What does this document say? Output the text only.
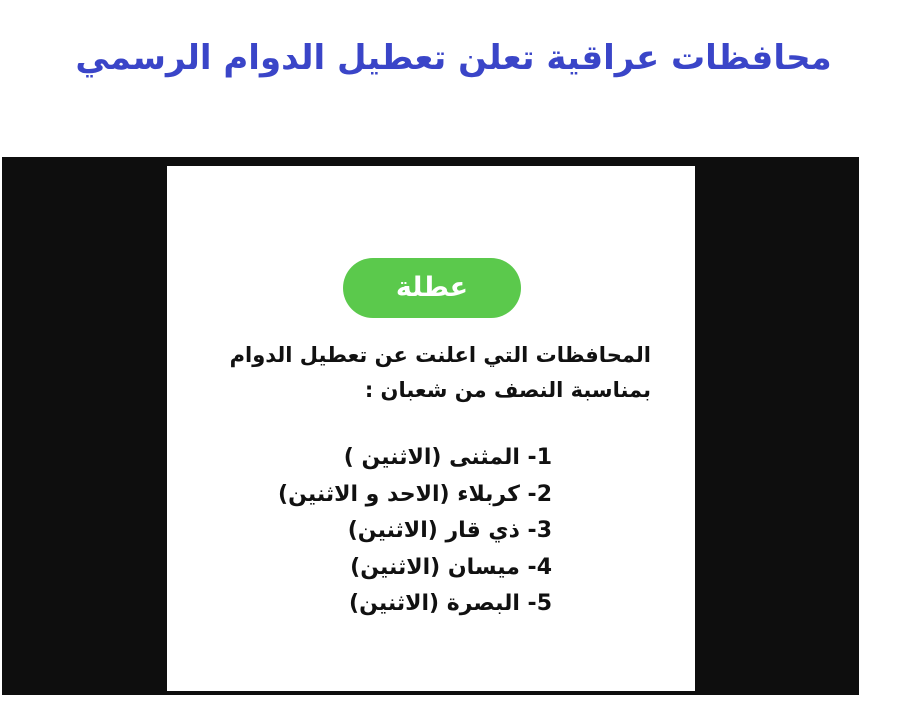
محافظات عراقية تعلن تعطيل الدوام الرسمي
عطلة

المحافظات التي اعلنت عن تعطيل الدوام
بمناسبة النصف من شعبان :

1- المثنى (الاثنين )
2- كربلاء (الاحد و الاثنين)
3- ذي قار (الاثنين)
4- ميسان (الاثنين)
5- البصرة (الاثنين)
